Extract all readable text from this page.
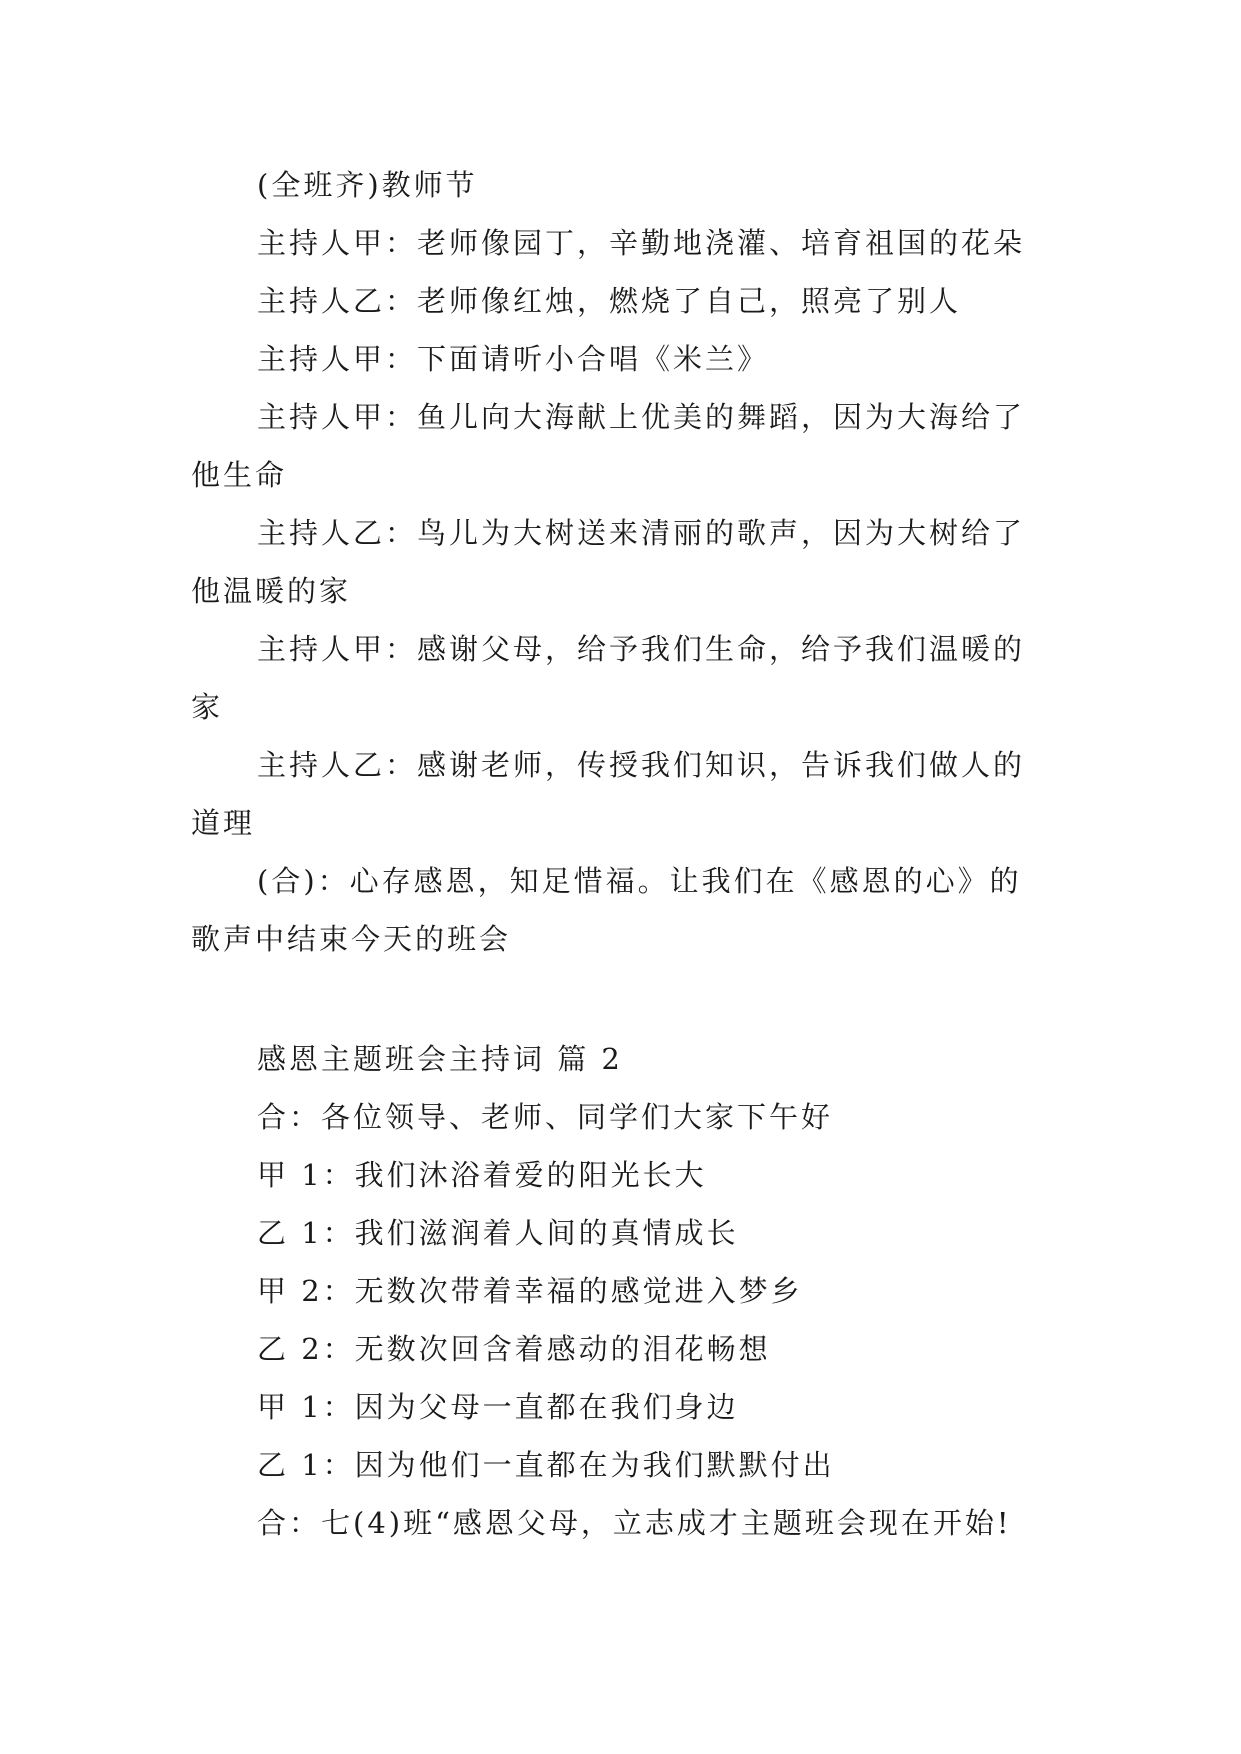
(全班齐)教师节

主持人甲：老师像园丁，辛勤地浇灌、培育祖国的花朵

主持人乙：老师像红烛，燃烧了自己，照亮了别人

主持人甲：下面请听小合唱《米兰》

主持人甲：鱼儿向大海献上优美的舞蹈，因为大海给了

他生命

主持人乙：鸟儿为大树送来清丽的歌声，因为大树给了

他温暖的家

主持人甲：感谢父母，给予我们生命，给予我们温暖的

家

主持人乙：感谢老师，传授我们知识，告诉我们做人的

道理

(合)：心存感恩，知足惜福。让我们在《感恩的心》的

歌声中结束今天的班会

感恩主题班会主持词 篇 2

合：各位领导、老师、同学们大家下午好

甲 1：我们沐浴着爱的阳光长大

乙 1：我们滋润着人间的真情成长

甲 2：无数次带着幸福的感觉进入梦乡

乙 2：无数次回含着感动的泪花畅想

甲 1：因为父母一直都在我们身边

乙 1：因为他们一直都在为我们默默付出

合：七(4)班“感恩父母，立志成才主题班会现在开始!
